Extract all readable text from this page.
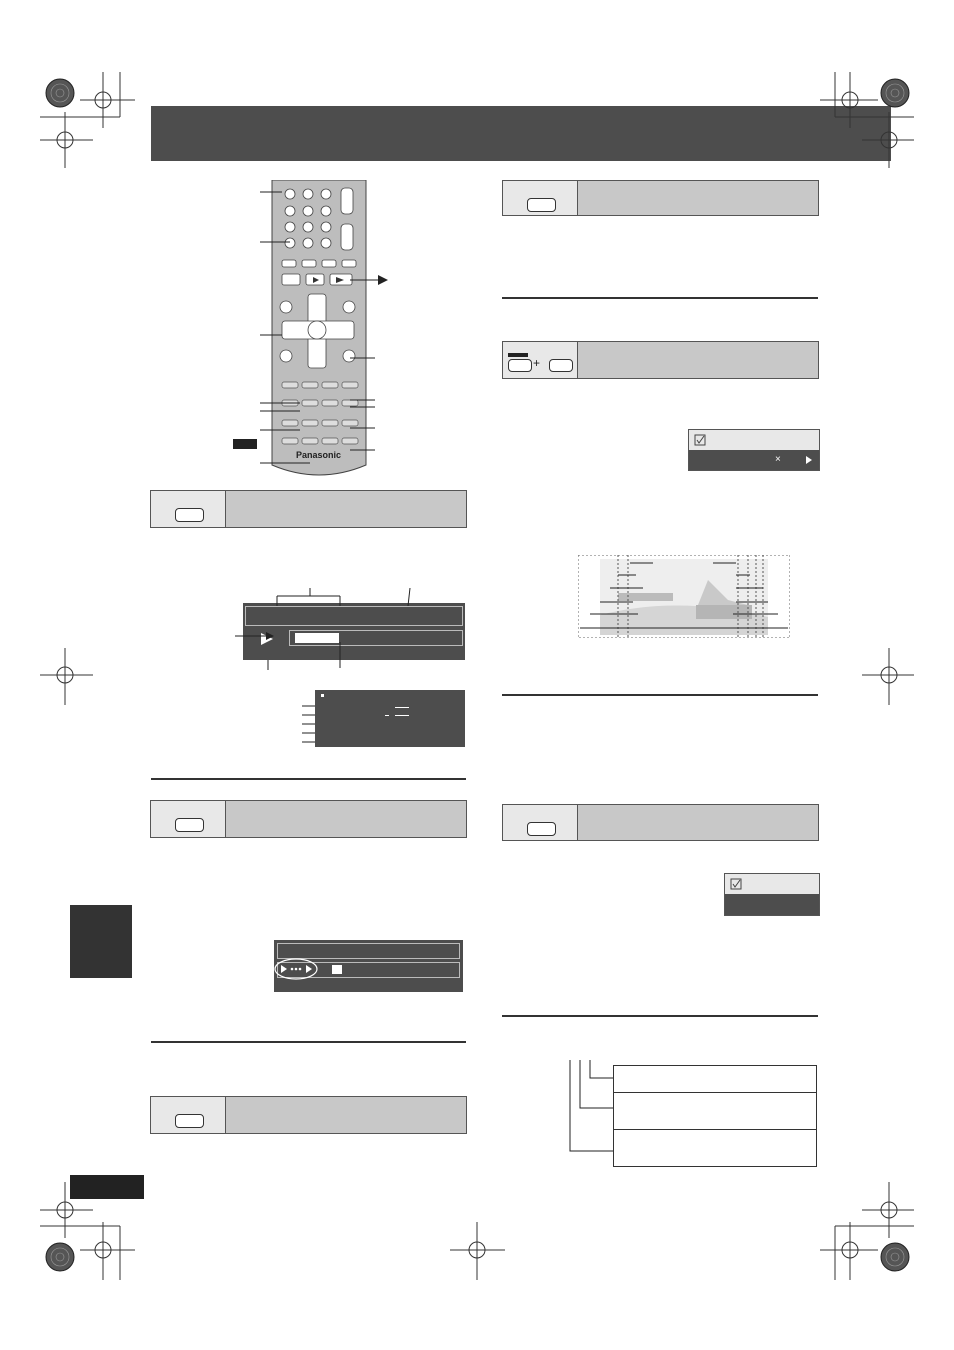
Panasonic
FRANÇAIS
+
×
